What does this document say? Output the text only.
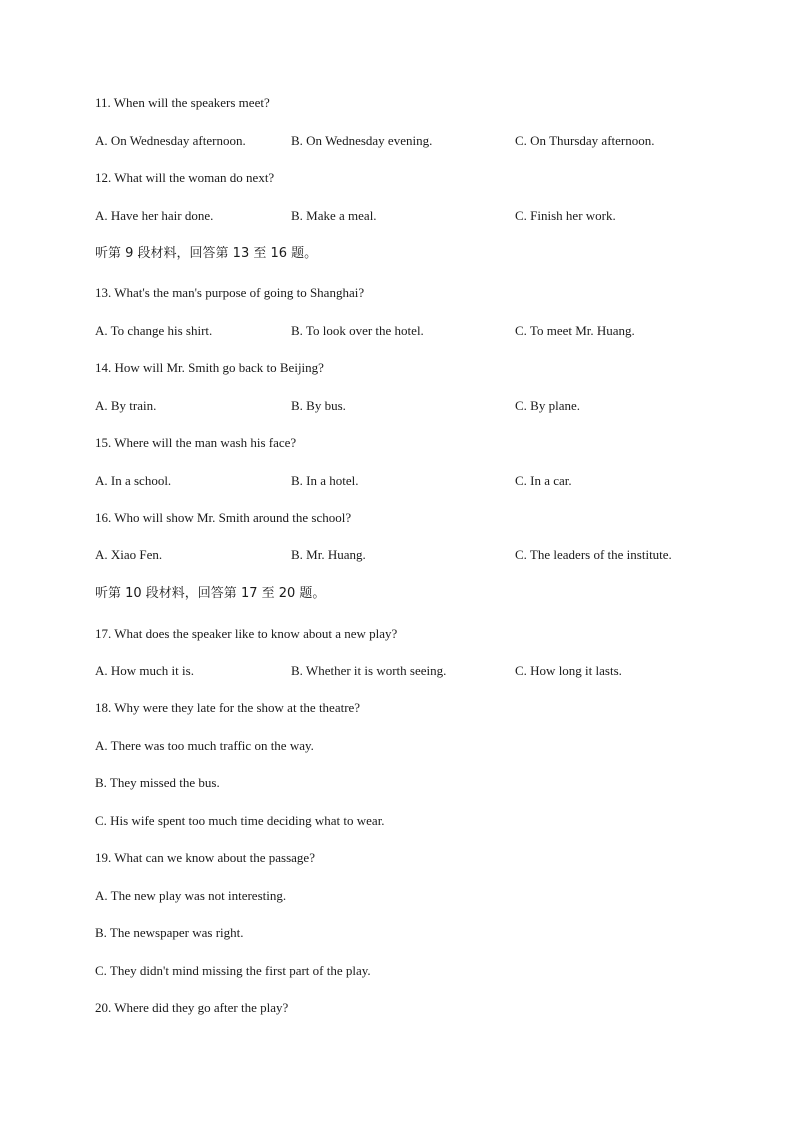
11. When will the speakers meet?
A. On Wednesday afternoon.	B. On Wednesday evening.	C. On Thursday afternoon.
12. What will the woman do next?
A. Have her hair done.	B. Make a meal.	C. Finish her work.
听第 9 段材料，回答第 13 至 16 题。
13. What's the man's purpose of going to Shanghai?
A. To change his shirt.	B. To look over the hotel.	C. To meet Mr. Huang.
14. How will Mr. Smith go back to Beijing?
A. By train.	B. By bus.	C. By plane.
15. Where will the man wash his face?
A. In a school.	B. In a hotel.	C. In a car.
16. Who will show Mr. Smith around the school?
A. Xiao Fen.	B. Mr. Huang.	C. The leaders of the institute.
听第 10 段材料，回答第 17 至 20 题。
17. What does the speaker like to know about a new play?
A. How much it is.	B. Whether it is worth seeing.	C. How long it lasts.
18. Why were they late for the show at the theatre?
A. There was too much traffic on the way.
B. They missed the bus.
C. His wife spent too much time deciding what to wear.
19. What can we know about the passage?
A. The new play was not interesting.
B. The newspaper was right.
C. They didn't mind missing the first part of the play.
20. Where did they go after the play?
